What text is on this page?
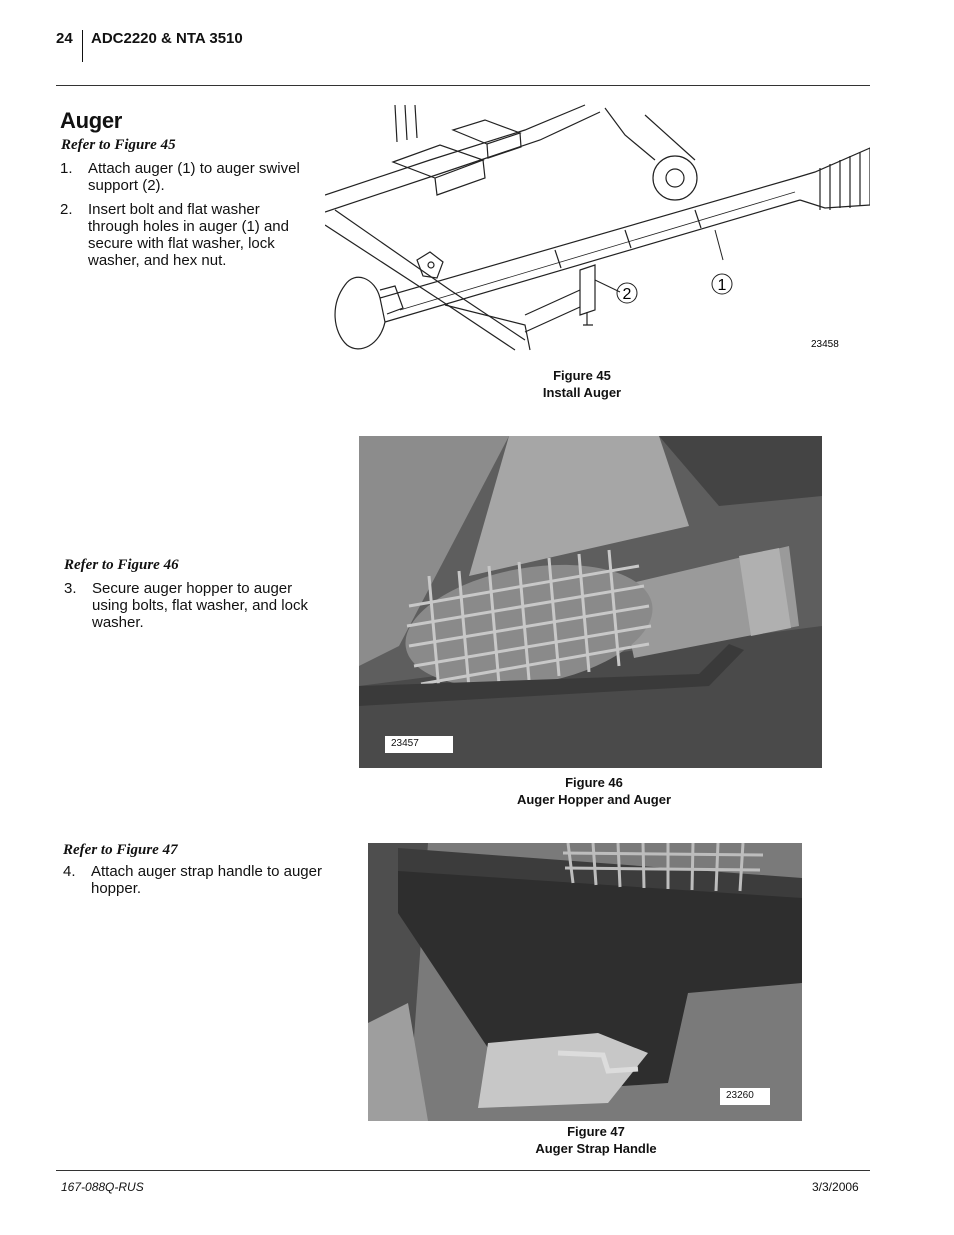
24 ADC2220 & NTA 3510
Auger
Refer to Figure 45
1. Attach auger (1) to auger swivel
support (2).
2. Insert bolt and flat washer
through holes in auger (1) and
secure with flat washer, lock
washer, and hex nut.
1
2
23458
Figure 45
Install Auger
Refer to Figure 46
3. Secure auger hopper to auger
using bolts, flat washer, and lock
washer.
23457
Figure 46
Auger Hopper and Auger
Refer to Figure 47
4. Attach auger strap handle to auger
hopper.
23260
Figure 47
Auger Strap Handle
167-088Q-RUS	3/3/2006
